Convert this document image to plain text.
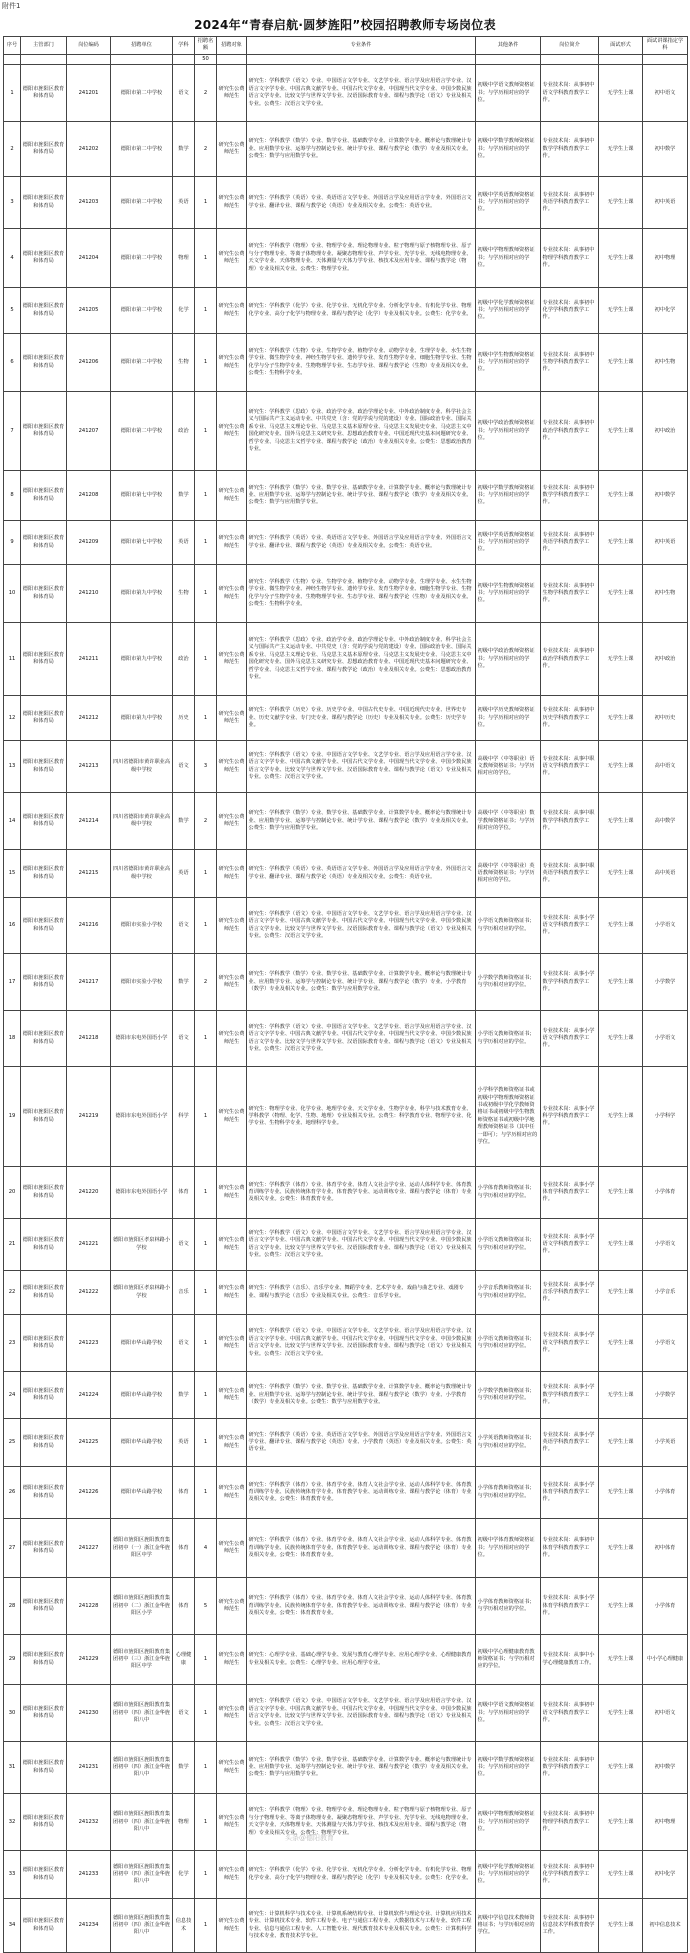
附件1
2024年“青春启航·圆梦旌阳”校园招聘教师专场岗位表
序号	主管部门	岗位编码	招聘单位	学科	招聘名额	招聘对象	专业条件	其他条件	岗位简介	面试形式	面试讲课指定学科
					50						
1	德阳市旌阳区教育和体育局	241201	德阳市第二中学校	语文	2	研究生公费师范生	研究生：学科教学（语文）专业、中国语言文学专业、文艺学专业、语言学及应用语言学专业、汉语言文字学专业、中国古典文献学专业、中国古代文学专业、中国现当代文学专业、中国少数民族语言文学专业、比较文学与世界文学专业、汉语国际教育专业、课程与教学论（语文）专业及相关专业。公费生：汉语言文学专业。	初级中学语文教师资格证书；与学历相对应的学位。	专业技术岗：从事初中语文学科教育教学工作。	无学生上课	初中语文
2	德阳市旌阳区教育和体育局	241202	德阳市第二中学校	数学	2	研究生公费师范生	研究生：学科教学（数学）专业、数学专业、基础数学专业、计算数学专业、概率论与数理统计专业、应用数学专业、运筹学与控制论专业、统计学专业、课程与教学论（数学）专业及相关专业。公费生：数学与应用数学专业。	初级中学数学教师资格证书；与学历相对应的学位。	专业技术岗：从事初中数学学科教育教学工作。	无学生上课	初中数学
3	德阳市旌阳区教育和体育局	241203	德阳市第二中学校	英语	1	研究生公费师范生	研究生：学科教学（英语）专业、英语语言文学专业、外国语言学及应用语言学专业、外国语言文学专业、翻译专业、课程与教学论（英语）专业及相关专业。公费生：英语专业。	初级中学英语教师资格证书；与学历相对应的学位。	专业技术岗：从事初中英语学科教育教学工作。	无学生上课	初中英语
4	德阳市旌阳区教育和体育局	241204	德阳市第二中学校	物理	1	研究生公费师范生	研究生：学科教学（物理）专业、物理学专业、理论物理专业、粒子物理与原子核物理专业、原子与分子物理专业、等离子体物理专业、凝聚态物理专业、声学专业、光学专业、无线电物理专业、天文学专业、天体物理专业、天体测量与天体力学专业、核技术及应用专业、课程与教学论（物理）专业及相关专业。公费生：物理学专业。	初级中学物理教师资格证书；与学历相对应的学位。	专业技术岗：从事初中物理学科教育教学工作。	无学生上课	初中物理
5	德阳市旌阳区教育和体育局	241205	德阳市第二中学校	化学	1	研究生公费师范生	研究生：学科教学（化学）专业、化学专业、无机化学专业、分析化学专业、有机化学专业、物理化学专业、高分子化学与物理专业、课程与教学论（化学）专业及相关专业。公费生：化学专业。	初级中学化学教师资格证书；与学历相对应的学位。	专业技术岗：从事初中化学学科教育教学工作。	无学生上课	初中化学
6	德阳市旌阳区教育和体育局	241206	德阳市第二中学校	生物	1	研究生公费师范生	研究生：学科教学（生物）专业、生物学专业、植物学专业、动物学专业、生理学专业、水生生物学专业、微生物学专业、神经生物学专业、遗传学专业、发育生物学专业、细胞生物学专业、生物化学与分子生物学专业、生物物理学专业、生态学专业、课程与教学论（生物）专业及相关专业。公费生：生物科学专业。	初级中学生物教师资格证书；与学历相对应的学位。	专业技术岗：从事初中生物学科教育教学工作。	无学生上课	初中生物
7	德阳市旌阳区教育和体育局	241207	德阳市第二中学校	政治	1	研究生公费师范生	研究生：学科教学（思政）专业、政治学专业、政治学理论专业、中外政治制度专业、科学社会主义与国际共产主义运动专业、中共党史（含：党的学说与党的建设）专业、国际政治专业、国际关系专业、马克思主义理论专业、马克思主义基本原理专业、马克思主义发展史专业、马克思主义中国化研究专业、国外马克思主义研究专业、思想政治教育专业、中国近现代史基本问题研究专业、哲学专业、马克思主义哲学专业、课程与教学论（政治）专业及相关专业。公费生：思想政治教育专业。	初级中学政治教师资格证书；与学历相对应的学位。	专业技术岗：从事初中政治学科教育教学工作。	无学生上课	初中政治
8	德阳市旌阳区教育和体育局	241208	德阳市第七中学校	数学	1	研究生公费师范生	研究生：学科教学（数学）专业、数学专业、基础数学专业、计算数学专业、概率论与数理统计专业、应用数学专业、运筹学与控制论专业、统计学专业、课程与教学论（数学）专业及相关专业。公费生：数学与应用数学专业。	初级中学数学教师资格证书；与学历相对应的学位。	专业技术岗：从事初中数学学科教育教学工作。	无学生上课	初中数学
9	德阳市旌阳区教育和体育局	241209	德阳市第七中学校	英语	1	研究生公费师范生	研究生：学科教学（英语）专业、英语语言文学专业、外国语言学及应用语言学专业、外国语言文学专业、翻译专业、课程与教学论（英语）专业及相关专业。公费生：英语专业。	初级中学英语教师资格证书；与学历相对应的学位。	专业技术岗：从事初中英语学科教育教学工作。	无学生上课	初中英语
10	德阳市旌阳区教育和体育局	241210	德阳市第九中学校	生物	1	研究生公费师范生	研究生：学科教学（生物）专业、生物学专业、植物学专业、动物学专业、生理学专业、水生生物学专业、微生物学专业、神经生物学专业、遗传学专业、发育生物学专业、细胞生物学专业、生物化学与分子生物学专业、生物物理学专业、生态学专业、课程与教学论（生物）专业及相关专业。公费生：生物科学专业。	初级中学生物教师资格证书；与学历相对应的学位。	专业技术岗：从事初中生物学科教育教学工作。	无学生上课	初中生物
11	德阳市旌阳区教育和体育局	241211	德阳市第九中学校	政治	1	研究生公费师范生	研究生：学科教学（思政）专业、政治学专业、政治学理论专业、中外政治制度专业、科学社会主义与国际共产主义运动专业、中共党史（含：党的学说与党的建设）专业、国际政治专业、国际关系专业、马克思主义理论专业、马克思主义基本原理专业、马克思主义发展史专业、马克思主义中国化研究专业、国外马克思主义研究专业、思想政治教育专业、中国近现代史基本问题研究专业、哲学专业、马克思主义哲学专业、课程与教学论（政治）专业及相关专业。公费生：思想政治教育专业。	初级中学政治教师资格证书；与学历相对应的学位。	专业技术岗：从事初中政治学科教育教学工作。	无学生上课	初中政治
12	德阳市旌阳区教育和体育局	241212	德阳市第九中学校	历史	1	研究生公费师范生	研究生：学科教学（历史）专业、历史学专业、中国古代史专业、中国近现代史专业、世界史专业、历史文献学专业、专门史专业、课程与教学论（历史）专业及相关专业。公费生：历史学专业。	初级中学历史教师资格证书；与学历相对应的学位。	专业技术岗：从事初中历史学科教育教学工作。	无学生上课	初中历史
13	德阳市旌阳区教育和体育局	241213	四川省德阳市黄许职业高级中学校	语文	3	研究生公费师范生	研究生：学科教学（语文）专业、中国语言文学专业、文艺学专业、语言学及应用语言学专业、汉语言文字学专业、中国古典文献学专业、中国古代文学专业、中国现当代文学专业、中国少数民族语言文学专业、比较文学与世界文学专业、汉语国际教育专业、课程与教学论（语文）专业及相关专业。公费生：汉语言文学专业。	高级中学（中等职业）语文教师资格证书；与学历相对应的学位。	专业技术岗：从事中职语文学科教育教学工作。	无学生上课	高中语文
14	德阳市旌阳区教育和体育局	241214	四川省德阳市黄许职业高级中学校	数学	2	研究生公费师范生	研究生：学科教学（数学）专业、数学专业、基础数学专业、计算数学专业、概率论与数理统计专业、应用数学专业、运筹学与控制论专业、统计学专业、课程与教学论（数学）专业及相关专业。公费生：数学与应用数学专业。	高级中学（中等职业）数学教师资格证书；与学历相对应的学位。	专业技术岗：从事中职数学学科教育教学工作。	无学生上课	高中数学
15	德阳市旌阳区教育和体育局	241215	四川省德阳市黄许职业高级中学校	英语	1	研究生公费师范生	研究生：学科教学（英语）专业、英语语言文学专业、外国语言学及应用语言学专业、外国语言文学专业、翻译专业、课程与教学论（英语）专业及相关专业。公费生：英语专业。	高级中学（中等职业）英语教师资格证书；与学历相对应的学位。	专业技术岗：从事中职英语学科教育教学工作。	无学生上课	高中英语
16	德阳市旌阳区教育和体育局	241216	德阳市实验小学校	语文	1	研究生公费师范生	研究生：学科教学（语文）专业、中国语言文学专业、文艺学专业、语言学及应用语言学专业、汉语言文字学专业、中国古典文献学专业、中国古代文学专业、中国现当代文学专业、中国少数民族语言文学专业、比较文学与世界文学专业、汉语国际教育专业、课程与教学论（语文）专业及相关专业。公费生：汉语言文学专业。	小学语文教师资格证书；与学历相对应的学位。	专业技术岗：从事小学语文学科教育教学工作。	无学生上课	小学语文
17	德阳市旌阳区教育和体育局	241217	德阳市实验小学校	数学	2	研究生公费师范生	研究生：学科教学（数学）专业、数学专业、基础数学专业、计算数学专业、概率论与数理统计专业、应用数学专业、运筹学与控制论专业、统计学专业、课程与教学论（数学）专业、小学教育（数学）专业及相关专业。公费生：数学与应用数学专业。	小学数学教师资格证书；与学历相对应的学位。	专业技术岗：从事小学数学学科教育教学工作。	无学生上课	小学数学
18	德阳市旌阳区教育和体育局	241218	德阳市东电外国语小学	语文	1	研究生公费师范生	研究生：学科教学（语文）专业、中国语言文学专业、文艺学专业、语言学及应用语言学专业、汉语言文字学专业、中国古典文献学专业、中国古代文学专业、中国现当代文学专业、中国少数民族语言文学专业、比较文学与世界文学专业、汉语国际教育专业、课程与教学论（语文）专业及相关专业。公费生：汉语言文学专业。	小学语文教师资格证书；与学历相对应的学位。	专业技术岗：从事小学语文学科教育教学工作。	无学生上课	小学语文
19	德阳市旌阳区教育和体育局	241219	德阳市东电外国语小学	科学	1	研究生公费师范生	研究生：物理学专业、化学专业、地理学专业、天文学专业、生物学专业、科学与技术教育专业、学科教学（物理、化学、生物、地理）专业及相关专业。公费生：科学教育专业、物理学专业、化学专业、生物科学专业、地理科学专业。	小学科学教师资格证书或初级中学物理教师资格证书或初级中学化学教师资格证书或初级中学生物教师资格证书或初级中学地理教师资格证书（其中任一即可）；与学历相对应的学位。	专业技术岗：从事小学科学学科教育教学工作。	无学生上课	小学科学
20	德阳市旌阳区教育和体育局	241220	德阳市东电外国语小学	体育	1	研究生公费师范生	研究生：学科教学（体育）专业、体育学专业、体育人文社会学专业、运动人体科学专业、体育教育训练学专业、民族传统体育学专业、体育教学专业、运动训练专业、课程与教学论（体育）专业及相关专业。公费生：体育教育专业。	小学体育教师资格证书；与学历相对应的学位。	专业技术岗：从事小学体育学科教育教学工作。	无学生上课	小学体育
21	德阳市旌阳区教育和体育局	241221	德阳市旌阳区孝泉林路小学校	语文	1	研究生公费师范生	研究生：学科教学（语文）专业、中国语言文学专业、文艺学专业、语言学及应用语言学专业、汉语言文字学专业、中国古典文献学专业、中国古代文学专业、中国现当代文学专业、中国少数民族语言文学专业、比较文学与世界文学专业、汉语国际教育专业、课程与教学论（语文）专业及相关专业。公费生：汉语言文学专业。	小学语文教师资格证书；与学历相对应的学位。	专业技术岗：从事小学语文学科教育教学工作。	无学生上课	小学语文
22	德阳市旌阳区教育和体育局	241222	德阳市旌阳区孝泉林路小学校	音乐	1	研究生公费师范生	研究生：学科教学（音乐）、音乐学专业、舞蹈学专业、艺术学专业、戏曲与曲艺专业、戏剧专业、课程与教学论（音乐）专业及相关专业。公费生：音乐学专业。	小学音乐教师资格证书；与学历相对应的学位。	专业技术岗：从事小学音乐学科教育教学工作。	无学生上课	小学音乐
23	德阳市旌阳区教育和体育局	241223	德阳市华山路学校	语文	1	研究生公费师范生	研究生：学科教学（语文）专业、中国语言文学专业、文艺学专业、语言学及应用语言学专业、汉语言文字学专业、中国古典文献学专业、中国古代文学专业、中国现当代文学专业、中国少数民族语言文学专业、比较文学与世界文学专业、汉语国际教育专业、课程与教学论（语文）专业及相关专业。公费生：汉语言文学专业。	小学语文教师资格证书；与学历相对应的学位。	专业技术岗：从事小学语文学科教育教学工作。	无学生上课	小学语文
24	德阳市旌阳区教育和体育局	241224	德阳市华山路学校	数学	1	研究生公费师范生	研究生：学科教学（数学）专业、数学专业、基础数学专业、计算数学专业、概率论与数理统计专业、应用数学专业、运筹学与控制论专业、统计学专业、课程与教学论（数学）专业、小学教育（数学）专业及相关专业。公费生：数学与应用数学专业。	小学数学教师资格证书；与学历相对应的学位。	专业技术岗：从事小学数学学科教育教学工作。	无学生上课	小学数学
25	德阳市旌阳区教育和体育局	241225	德阳市华山路学校	英语	1	研究生公费师范生	研究生：学科教学（英语）专业、英语语言文学专业、外国语言学及应用语言学专业、外国语言文学专业、翻译专业、课程与教学论（英语）专业、小学教育（英语）专业及相关专业。公费生：英语专业。	小学英语教师资格证书；与学历相对应的学位。	专业技术岗：从事小学英语学科教育教学工作。	无学生上课	小学英语
26	德阳市旌阳区教育和体育局	241226	德阳市华山路学校	体育	1	研究生公费师范生	研究生：学科教学（体育）专业、体育学专业、体育人文社会学专业、运动人体科学专业、体育教育训练学专业、民族传统体育学专业、体育教学专业、运动训练专业、课程与教学论（体育）专业及相关专业。公费生：体育教育专业。	小学体育教师资格证书；与学历相对应的学位。	专业技术岗：从事小学体育学科教育教学工作。	无学生上课	小学体育
27	德阳市旌阳区教育和体育局	241227	德阳市旌阳区旌阳教育集团初中（一）浙江金华旌阳区中学	体育	4	研究生公费师范生	研究生：学科教学（体育）专业、体育学专业、体育人文社会学专业、运动人体科学专业、体育教育训练学专业、民族传统体育学专业、体育教学专业、运动训练专业、课程与教学论（体育）专业及相关专业。公费生：体育教育专业。	初级中学体育教师资格证书；与学历相对应的学位。	专业技术岗：从事初中体育学科教育教学工作。	无学生上课	初中体育
28	德阳市旌阳区教育和体育局	241228	德阳市旌阳区旌阳教育集团初中（二）浙江金华旌阳区小学	体育	5	研究生公费师范生	研究生：学科教学（体育）专业、体育学专业、体育人文社会学专业、运动人体科学专业、体育教育训练学专业、民族传统体育学专业、体育教学专业、运动训练专业、课程与教学论（体育）专业及相关专业。公费生：体育教育专业。	小学体育教师资格证书；与学历相对应的学位。	专业技术岗：从事小学体育学科教育教学工作。	无学生上课	小学体育
29	德阳市旌阳区教育和体育局	241229	德阳市旌阳区旌阳教育集团初中（三）浙江金华旌阳区中学	心理健康	1	研究生公费师范生	研究生：心理学专业、基础心理学专业、发展与教育心理学专业、应用心理学专业、心理健康教育专业及相关专业。公费生：心理学专业、应用心理学专业。	初级中学心理健康教育教师资格证书；与学历相对应的学位。	专业技术岗：从事中小学心理健康教育工作。	无学生上课	中小学心理健康
30	德阳市旌阳区教育和体育局	241230	德阳市旌阳区旌阳教育集团初中（四）浙江金华旌阳八中	语文	1	研究生公费师范生	研究生：学科教学（语文）专业、中国语言文学专业、文艺学专业、语言学及应用语言学专业、汉语言文字学专业、中国古典文献学专业、中国古代文学专业、中国现当代文学专业、中国少数民族语言文学专业、比较文学与世界文学专业、汉语国际教育专业、课程与教学论（语文）专业及相关专业。公费生：汉语言文学专业。	初级中学语文教师资格证书；与学历相对应的学位。	专业技术岗：从事初中语文学科教育教学工作。	无学生上课	初中语文
31	德阳市旌阳区教育和体育局	241231	德阳市旌阳区旌阳教育集团初中（四）浙江金华旌阳八中	数学	1	研究生公费师范生	研究生：学科教学（数学）专业、数学专业、基础数学专业、计算数学专业、概率论与数理统计专业、应用数学专业、运筹学与控制论专业、统计学专业、课程与教学论（数学）专业及相关专业。公费生：数学与应用数学专业。	初级中学数学教师资格证书；与学历相对应的学位。	专业技术岗：从事初中数学学科教育教学工作。	无学生上课	初中数学
32	德阳市旌阳区教育和体育局	241232	德阳市旌阳区旌阳教育集团初中（四）浙江金华旌阳八中	物理	1	研究生公费师范生	研究生：学科教学（物理）专业、物理学专业、理论物理专业、粒子物理与原子核物理专业、原子与分子物理专业、等离子体物理专业、凝聚态物理专业、声学专业、光学专业、无线电物理专业、天文学专业、天体物理专业、天体测量与天体力学专业、核技术及应用专业、课程与教学论（物理）专业及相关专业。公费生：物理学专业。	初级中学物理教师资格证书；与学历相对应的学位。	专业技术岗：从事初中物理学科教育教学工作。	无学生上课	初中物理
33	德阳市旌阳区教育和体育局	241233	德阳市旌阳区旌阳教育集团初中（四）浙江金华旌阳八中	化学	1	研究生公费师范生	研究生：学科教学（化学）专业、化学专业、无机化学专业、分析化学专业、有机化学专业、物理化学专业、高分子化学与物理专业、课程与教学论（化学）专业及相关专业。公费生：化学专业。	初级中学化学教师资格证书；与学历相对应的学位。	专业技术岗：从事初中化学学科教育教学工作。	无学生上课	初中化学
34	德阳市旌阳区教育和体育局	241234	德阳市旌阳区旌阳教育集团初中（四）浙江金华旌阳八中	信息技术	1	研究生公费师范生	研究生：计算机科学与技术专业、计算机系统结构专业、计算机软件与理论专业、计算机应用技术专业、计算机技术专业、软件工程专业、电子与通信工程专业、大数据技术与工程专业、软件工程专业、信息与通信工程专业、人工智能专业、现代教育技术专业及相关专业。公费生：计算机科学与技术专业、教育技术学专业。	初级中学信息技术教师资格证书；与学历相对应的学位。	专业技术岗：从事初中信息技术学科教育教学工作。	无学生上课	初中信息技术
头条@德阳教育
